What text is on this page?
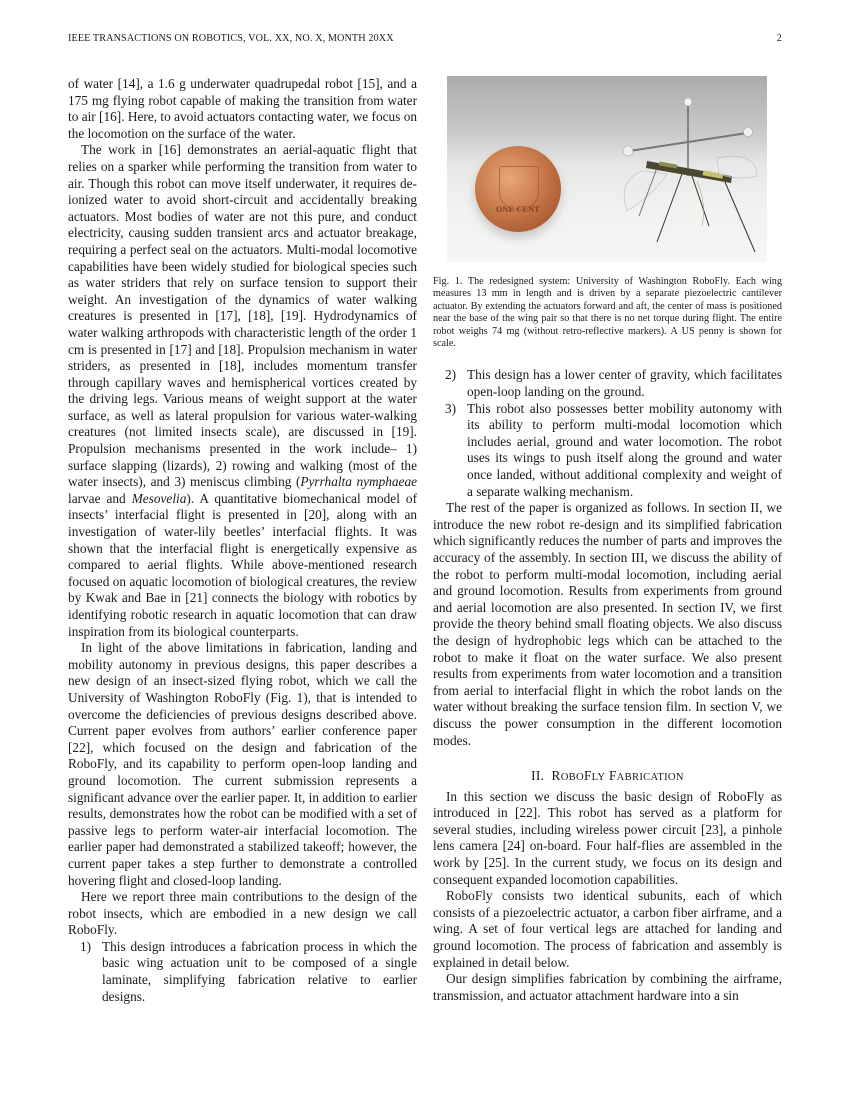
IEEE TRANSACTIONS ON ROBOTICS, VOL. XX, NO. X, MONTH 20XX	2

of water [14], a 1.6 g underwater quadrupedal robot [15], and a 175 mg flying robot capable of making the transition from water to air [16]. Here, to avoid actuators contacting water, we focus on the locomotion on the surface of the water.

The work in [16] demonstrates an aerial-aquatic flight that relies on a sparker while performing the transition from water to air. Though this robot can move itself underwater, it requires de-ionized water to avoid short-circuit and accidentally breaking actuators. Most bodies of water are not this pure, and conduct electricity, causing sudden transient arcs and actuator breakage, requiring a perfect seal on the actuators. Multi-modal locomotive capabilities have been widely studied for biological species such as water striders that rely on surface tension to support their weight. An investigation of the dynamics of water walking creatures is presented in [17], [18], [19]. Hydrodynamics of water walking arthropods with characteristic length of the order 1 cm is presented in [17] and [18]. Propulsion mechanism in water striders, as presented in [18], includes momentum transfer through capillary waves and hemispherical vortices created by the driving legs. Various means of weight support at the water surface, as well as lateral propulsion for various water-walking creatures (not limited insects scale), are discussed in [19]. Propulsion mechanisms presented in the work include– 1) surface slapping (lizards), 2) rowing and walking (most of the water insects), and 3) meniscus climbing (Pyrrhalta nymphaeae larvae and Mesovelia). A quantitative biomechanical model of insects’ interfacial flight is presented in [20], along with an investigation of water-lily beetles’ interfacial flights. It was shown that the interfacial flight is energetically expensive as compared to aerial flights. While above-mentioned research focused on aquatic locomotion of biological creatures, the review by Kwak and Bae in [21] connects the biology with robotics by identifying robotic research in aquatic locomotion that can draw inspiration from its biological counterparts.

In light of the above limitations in fabrication, landing and mobility autonomy in previous designs, this paper describes a new design of an insect-sized flying robot, which we call the University of Washington RoboFly (Fig. 1), that is intended to overcome the deficiencies of previous designs described above. Current paper evolves from authors’ earlier conference paper [22], which focused on the design and fabrication of the RoboFly, and its capability to perform open-loop landing and ground locomotion. The current submission represents a significant advance over the earlier paper. It, in addition to earlier results, demonstrates how the robot can be modified with a set of passive legs to perform water-air interfacial locomotion. The earlier paper had demonstrated a stabilized takeoff; however, the current paper takes a step further to demonstrate a controlled hovering flight and closed-loop landing.

Here we report three main contributions to the design of the robot insects, which are embodied in a new design we call RoboFly.

1) This design introduces a fabrication process in which the basic wing actuation unit to be composed of a single laminate, simplifying fabrication relative to earlier designs.
ONE CENT
Fig. 1. The redesigned system: University of Washington RoboFly. Each wing measures 13 mm in length and is driven by a separate piezoelectric cantilever actuator. By extending the actuators forward and aft, the center of mass is positioned near the base of the wing pair so that there is no net torque during flight. The entire robot weighs 74 mg (without retro-reflective markers). A US penny is shown for scale.
2) This design has a lower center of gravity, which facilitates open-loop landing on the ground.
3) This robot also possesses better mobility autonomy with its ability to perform multi-modal locomotion which includes aerial, ground and water locomotion. The robot uses its wings to push itself along the ground and water once landed, without additional complexity and weight of a separate walking mechanism.

The rest of the paper is organized as follows. In section II, we introduce the new robot re-design and its simplified fabrication which significantly reduces the number of parts and improves the accuracy of the assembly. In section III, we discuss the ability of the robot to perform multi-modal locomotion, including aerial and ground locomotion. Results from experiments from ground and aerial locomotion are also presented. In section IV, we first provide the theory behind small floating objects. We also discuss the design of hydrophobic legs which can be attached to the robot to make it float on the water surface. We also present results from experiments from water locomotion and a transition from aerial to interfacial flight in which the robot lands on the water without breaking the surface tension film. In section V, we discuss the power consumption in the different locomotion modes.

II. ROBOFLY FABRICATION

In this section we discuss the basic design of RoboFly as introduced in [22]. This robot has served as a platform for several studies, including wireless power circuit [23], a pinhole lens camera [24] on-board. Four half-flies are assembled in the work by [25]. In the current study, we focus on its design and consequent expanded locomotion capabilities.

RoboFly consists two identical subunits, each of which consists of a piezoelectric actuator, a carbon fiber airframe, and a wing. A set of four vertical legs are attached for landing and ground locomotion. The process of fabrication and assembly is explained in detail below.

Our design simplifies fabrication by combining the airframe, transmission, and actuator attachment hardware into a sin
